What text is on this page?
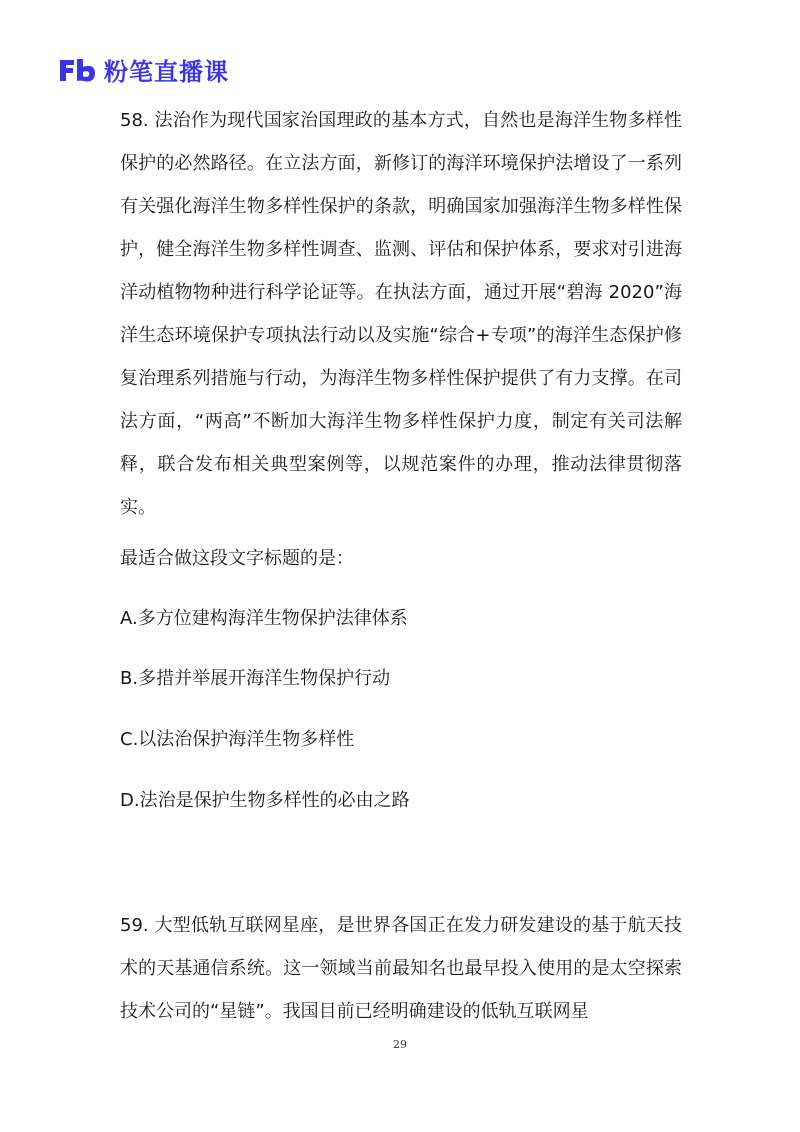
粉笔直播课

58. 法治作为现代国家治国理政的基本方式，自然也是海洋生物多样性保护的必然路径。在立法方面，新修订的海洋环境保护法增设了一系列有关强化海洋生物多样性保护的条款，明确国家加强海洋生物多样性保护，健全海洋生物多样性调查、监测、评估和保护体系，要求对引进海洋动植物物种进行科学论证等。在执法方面，通过开展“碧海 2020”海洋生态环境保护专项执法行动以及实施“综合+专项”的海洋生态保护修复治理系列措施与行动，为海洋生物多样性保护提供了有力支撑。在司法方面，“两高”不断加大海洋生物多样性保护力度，制定有关司法解释，联合发布相关典型案例等，以规范案件的办理，推动法律贯彻落实。

最适合做这段文字标题的是：

A.多方位建构海洋生物保护法律体系

B.多措并举展开海洋生物保护行动

C.以法治保护海洋生物多样性

D.法治是保护生物多样性的必由之路

59. 大型低轨互联网星座，是世界各国正在发力研发建设的基于航天技术的天基通信系统。这一领域当前最知名也最早投入使用的是太空探索技术公司的“星链”。我国目前已经明确建设的低轨互联网星

29
